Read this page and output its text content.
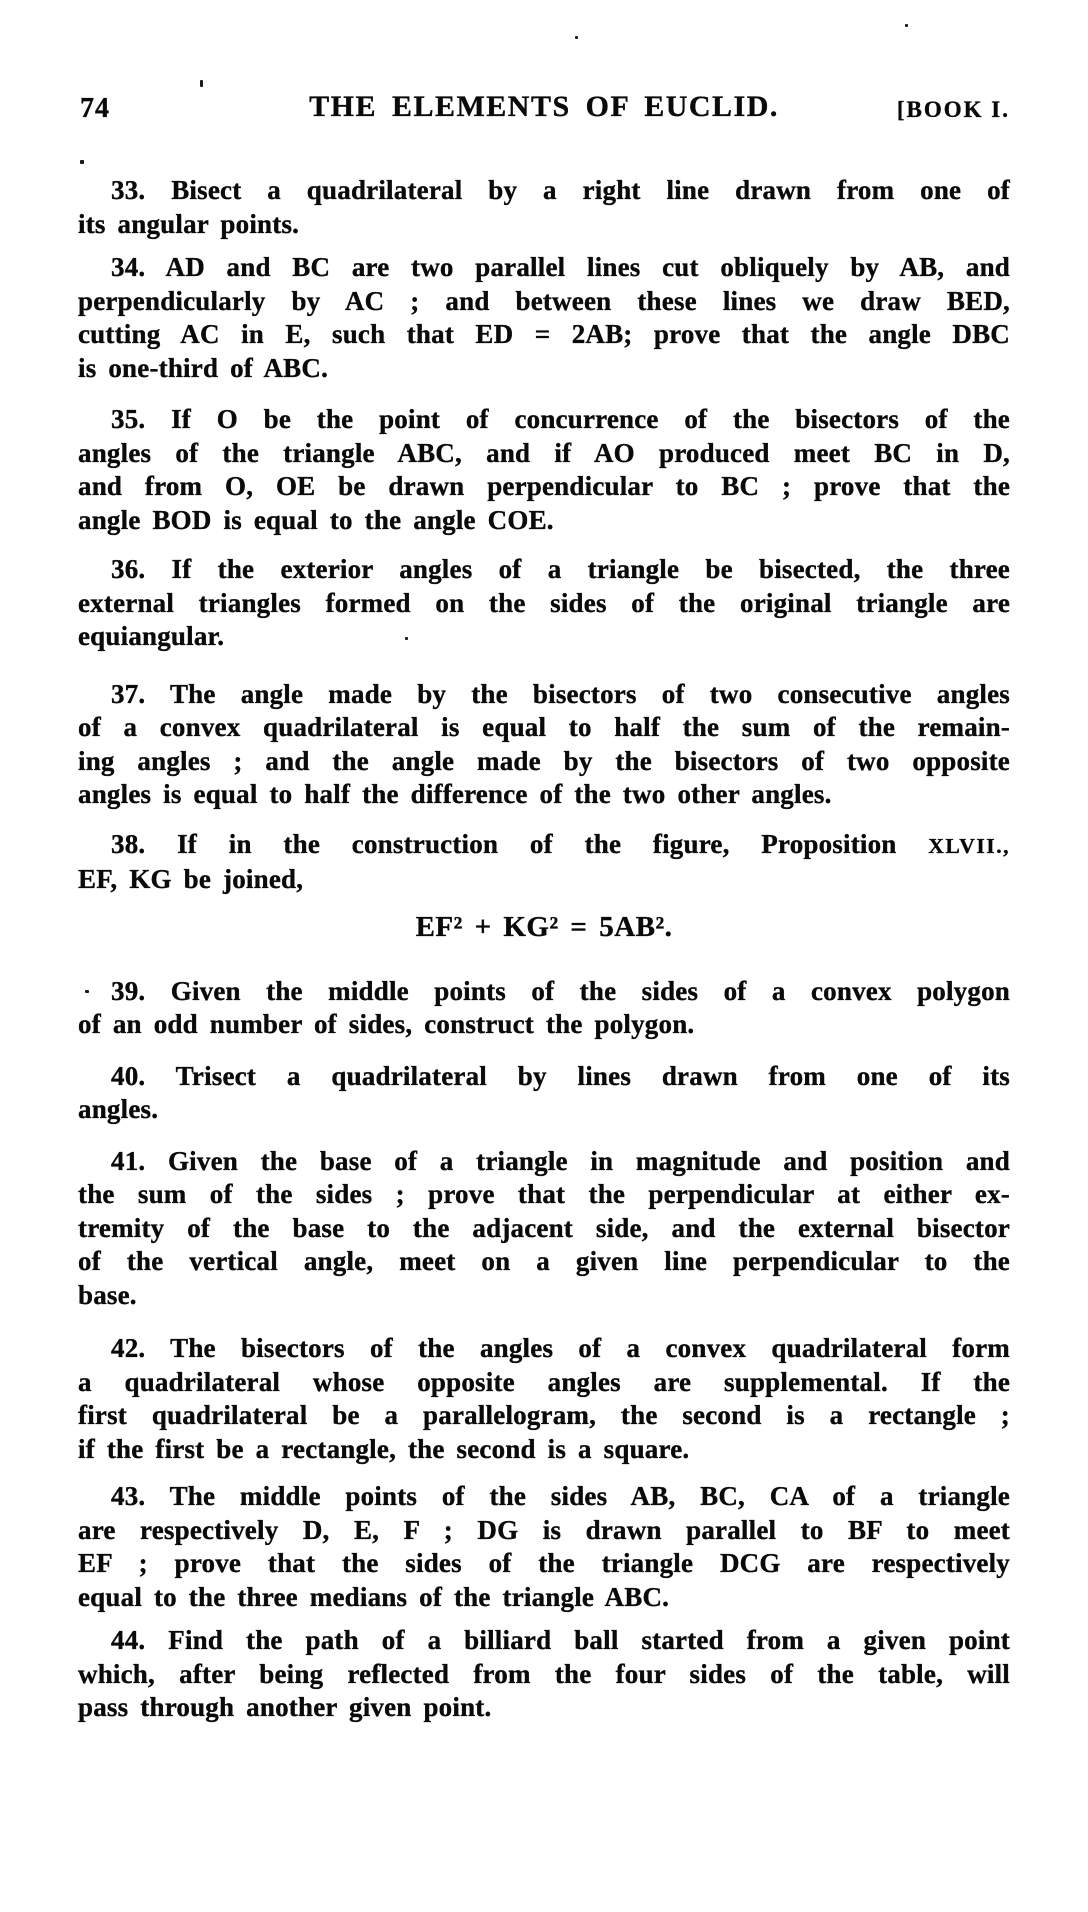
74	THE ELEMENTS OF EUCLID.	[BOOK I.
33. Bisect a quadrilateral by a right line drawn from one of
its angular points.
34. AD and BC are two parallel lines cut obliquely by AB, and
perpendicularly by AC ; and between these lines we draw BED,
cutting AC in E, such that ED = 2AB; prove that the angle DBC
is one-third of ABC.
35. If O be the point of concurrence of the bisectors of the
angles of the triangle ABC, and if AO produced meet BC in D,
and from O, OE be drawn perpendicular to BC ; prove that the
angle BOD is equal to the angle COE.
36. If the exterior angles of a triangle be bisected, the three
external triangles formed on the sides of the original triangle are
equiangular.
37. The angle made by the bisectors of two consecutive angles
of a convex quadrilateral is equal to half the sum of the remain-
ing angles ; and the angle made by the bisectors of two opposite
angles is equal to half the difference of the two other angles.
38. If in the construction of the figure, Proposition XLVII.,
EF, KG be joined,
EF² + KG² = 5AB².
39. Given the middle points of the sides of a convex polygon
of an odd number of sides, construct the polygon.
40. Trisect a quadrilateral by lines drawn from one of its
angles.
41. Given the base of a triangle in magnitude and position and
the sum of the sides ; prove that the perpendicular at either ex-
tremity of the base to the adjacent side, and the external bisector
of the vertical angle, meet on a given line perpendicular to the
base.
42. The bisectors of the angles of a convex quadrilateral form
a quadrilateral whose opposite angles are supplemental. If the
first quadrilateral be a parallelogram, the second is a rectangle ;
if the first be a rectangle, the second is a square.
43. The middle points of the sides AB, BC, CA of a triangle
are respectively D, E, F ; DG is drawn parallel to BF to meet
EF ; prove that the sides of the triangle DCG are respectively
equal to the three medians of the triangle ABC.
44. Find the path of a billiard ball started from a given point
which, after being reflected from the four sides of the table, will
pass through another given point.
